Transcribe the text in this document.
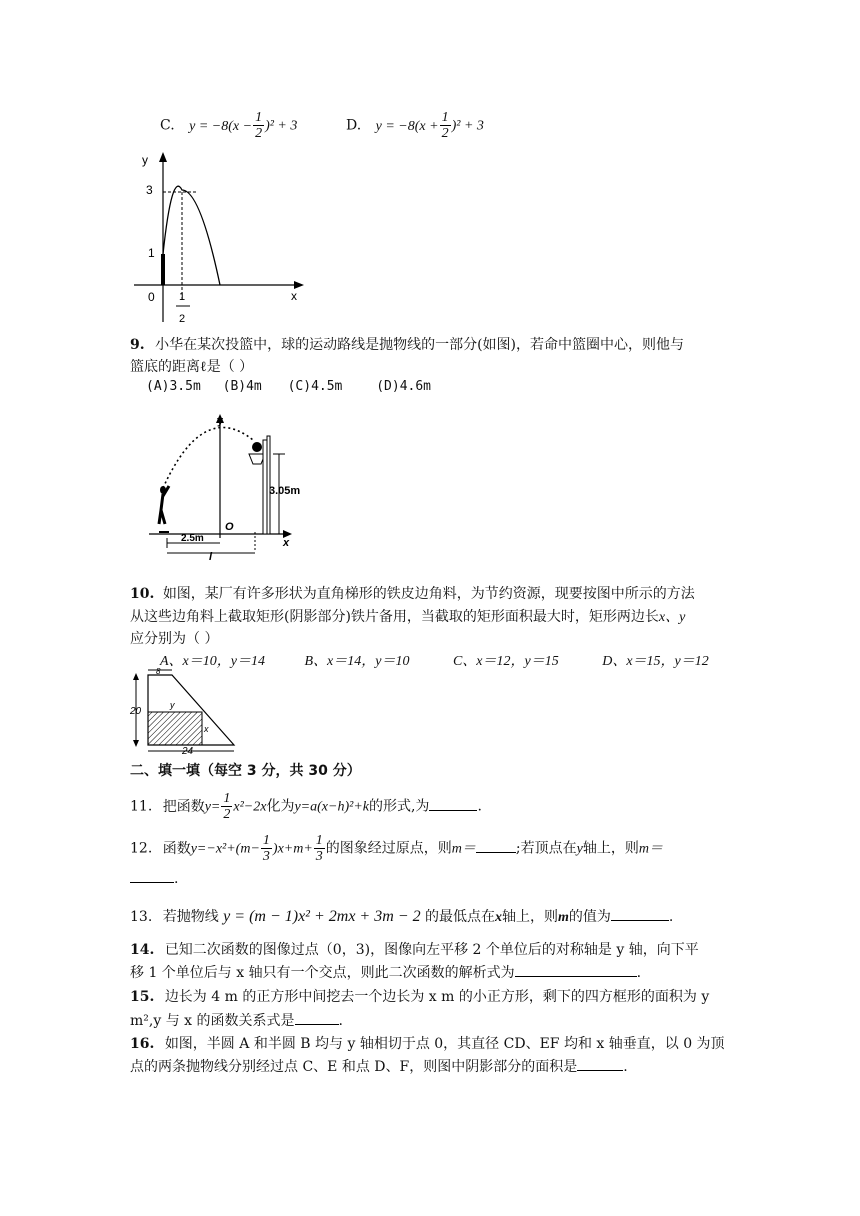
C. $y = -8(x - \frac{1}{2} )^2 + 3$	D. $y = -8(x + \frac{1}{2} )^2 + 3$
y
x
0
3
1
1
2
9. 小华在某次投篮中，球的运动路线是抛物线的一部分(如图)，若命中篮圈中心，则他与
篮底的距离ℓ是（ ）
(A)3.5m (B)4m (C)4.5m	(D)4.6m
y
x
O
3.05m
2.5m
l
10. 如图，某厂有许多形状为直角梯形的铁皮边角料，为节约资源，现要按图中所示的方法
从这些边角料上截取矩形(阴影部分)铁片备用，当截取的矩形面积最大时，矩形两边长x、y
应分别为（ ）
A、x＝10，y＝14	B、x＝14，y＝10	C、x＝12，y＝15	D、x＝15，y＝12
8
20
24
y
x
二、填一填（每空 3 分，共 30 分）
11. 把函数$y= \frac{1}{2} x^2-2x$化为y=a(x−h)²+k的形式,为	.
12. 函数$y=-x^2+(m- \frac{1}{3} )x+m+ \frac{1}{3}$ 的图象经过原点，则m＝	;若顶点在y轴上，则m＝
.
13. 若抛物线 y = (m − 1)x² + 2mx + 3m − 2 的最低点在x轴上，则m的值为	.
14. 已知二次函数的图像过点（0，3)，图像向左平移 2 个单位后的对称轴是 y 轴，向下平
移 1 个单位后与 x 轴只有一个交点，则此二次函数的解析式为	.
15. 边长为 4 m 的正方形中间挖去一个边长为 x m 的小正方形，剩下的四方框形的面积为 y
m²,y 与 x 的函数关系式是	.
16. 如图，半圆 A 和半圆 B 均与 y 轴相切于点 0，其直径 CD、EF 均和 x 轴垂直，以 0 为顶
点的两条抛物线分别经过点 C、E 和点 D、F，则图中阴影部分的面积是	.
